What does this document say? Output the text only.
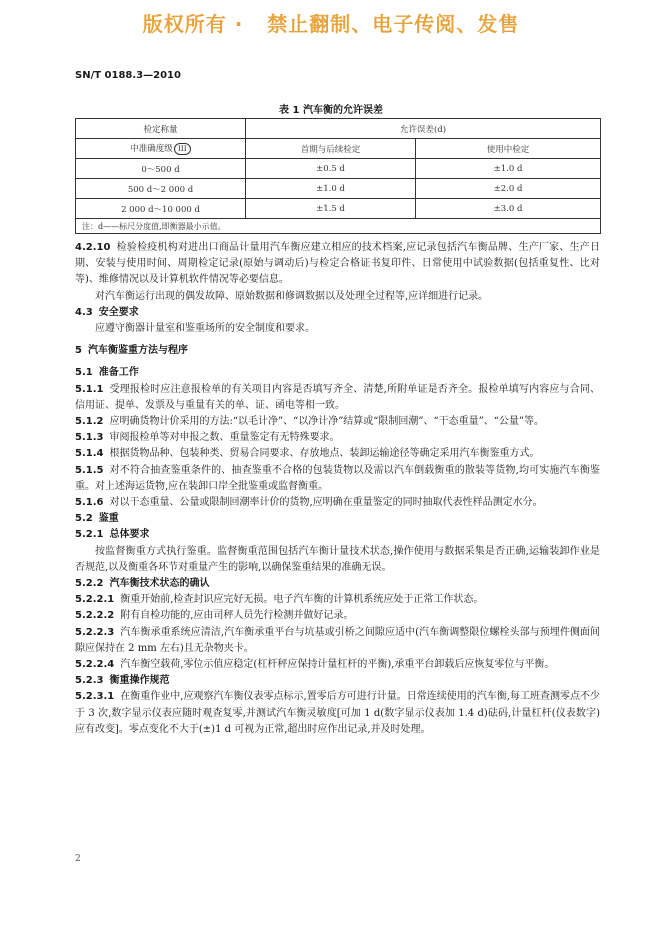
版权所有 ·   禁止翻制、电子传阅、发售
SN/T 0188.3—2010
表 1 汽车衡的允许误差
检定称量	允许误差(d)	
中准确度级 III	首期与后续检定	使用中检定
0～500 d	±0.5 d	±1.0 d
500 d～2 000 d	±1.0 d	±2.0 d
2 000 d～10 000 d	±1.5 d	±3.0 d
注：d——标尺分度值,即衡器最小示值。		

4.2.10 检验检疫机构对进出口商品计量用汽车衡应建立相应的技术档案,应记录包括汽车衡品牌、生产厂家、生产日期、安装与使用时间、周期检定记录(原始与调动后)与检定合格证书复印件、日常使用中试验数据(包括重复性、比对等)、维修情况以及计算机软件情况等必要信息。

对汽车衡运行出现的偶发故障、原始数据和修调数据以及处理全过程等,应详细进行记录。

4.3 安全要求

应遵守衡器计量室和鉴重场所的安全制度和要求。

5 汽车衡鉴重方法与程序

5.1 准备工作

5.1.1 受理报检时应注意报检单的有关项目内容是否填写齐全、清楚,所附单证是否齐全。报检单填写内容应与合同、信用证、提单、发票及与重量有关的单、证、函电等相一致。

5.1.2 应明确货物计价采用的方法:“以毛计净”、“以净计净”结算或“限制回潮”、“干态重量”、“公量”等。

5.1.3 审阅报检单等对申报之数、重量鉴定有无特殊要求。

5.1.4 根据货物品种、包装种类、贸易合同要求、存放地点、装卸运输途径等确定采用汽车衡鉴重方式。

5.1.5 对不符合抽查鉴重条件的、抽查鉴重不合格的包装货物以及需以汽车倒载衡重的散装等货物,均可实施汽车衡鉴重。对上述海运货物,应在装卸口岸全批鉴重或监督衡重。

5.1.6 对以干态重量、公量或限制回潮率计价的货物,应明确在重量鉴定的同时抽取代表性样品测定水分。

5.2 鉴重

5.2.1 总体要求

按监督衡重方式执行鉴重。监督衡重范围包括汽车衡计量技术状态,操作使用与数据采集是否正确,运输装卸作业是否规范,以及衡重各环节对重量产生的影响,以确保鉴重结果的准确无误。

5.2.2 汽车衡技术状态的确认

5.2.2.1 衡重开始前,检查封识应完好无损。电子汽车衡的计算机系统应处于正常工作状态。

5.2.2.2 附有自检功能的,应由司秤人员先行检测并做好记录。

5.2.2.3 汽车衡承重系统应清洁,汽车衡承重平台与坑基或引桥之间隙应适中(汽车衡调整限位螺栓头部与预埋件侧面间隙应保持在 2 mm 左右)且无杂物夹卡。

5.2.2.4 汽车衡空载荷,零位示值应稳定(杠杆秤应保持计量杠杆的平衡),承重平台卸载后应恢复零位与平衡。

5.2.3 衡重操作规范

5.2.3.1 在衡重作业中,应观察汽车衡仪表零点标示,置零后方可进行计量。日常连续使用的汽车衡,每工班查测零点不少于 3 次,数字显示仪表应随时观查复零,并测试汽车衡灵敏度[可加 1 d(数字显示仪表加 1.4 d)砝码,计量杠杆(仪表数字)应有改变]。零点变化不大于(±)1 d 可视为正常,超出时应作出记录,并及时处理。

2
